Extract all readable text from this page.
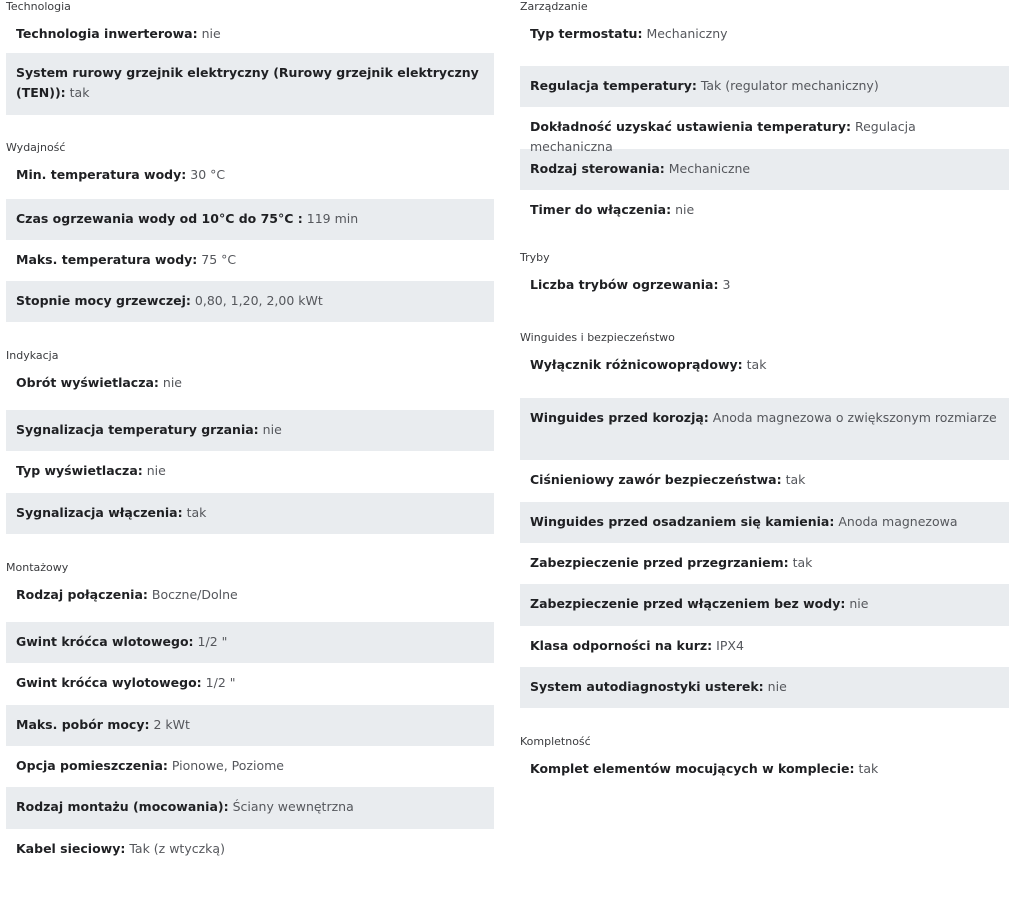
Technologia
Technologia inwerterowa: nie
System rurowy grzejnik elektryczny (Rurowy grzejnik elektryczny (TEN)): tak
Wydajność
Min. temperatura wody: 30 °C
Czas ogrzewania wody od 10°C do 75°C : 119 min
Maks. temperatura wody: 75 °C
Stopnie mocy grzewczej: 0,80, 1,20, 2,00 kWt
Indykacja
Obrót wyświetlacza: nie
Sygnalizacja temperatury grzania: nie
Typ wyświetlacza: nie
Sygnalizacja włączenia: tak
Montażowy
Rodzaj połączenia: Boczne/Dolne
Gwint króćca wlotowego: 1/2 "
Gwint króćca wylotowego: 1/2 "
Maks. pobór mocy: 2 kWt
Opcja pomieszczenia: Pionowe, Poziome
Rodzaj montażu (mocowania): Ściany wewnętrzna
Kabel sieciowy: Tak (z wtyczką)
Zarządzanie
Typ termostatu: Mechaniczny
Regulacja temperatury: Tak (regulator mechaniczny)
Dokładność uzyskać ustawienia temperatury: Regulacja mechaniczna
Rodzaj sterowania: Mechaniczne
Timer do włączenia: nie
Tryby
Liczba trybów ogrzewania: 3
Winguides i bezpieczeństwo
Wyłącznik różnicowoprądowy: tak
Winguides przed korozją: Anoda magnezowa o zwiększonym rozmiarze
Ciśnieniowy zawór bezpieczeństwa: tak
Winguides przed osadzaniem się kamienia: Anoda magnezowa
Zabezpieczenie przed przegrzaniem: tak
Zabezpieczenie przed włączeniem bez wody: nie
Klasa odporności na kurz: IPX4
System autodiagnostyki usterek: nie
Kompletność
Komplet elementów mocujących w komplecie: tak
